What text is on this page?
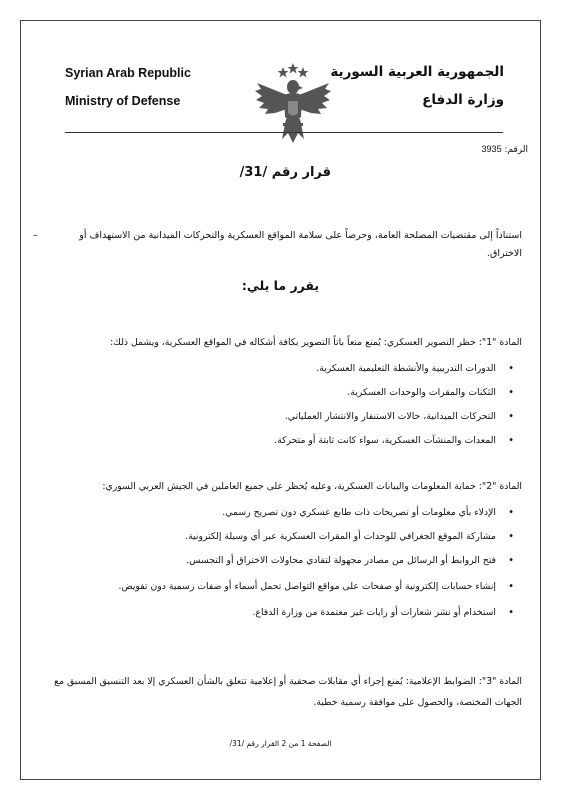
Syrian Arab Republic
Ministry of Defense
الجمهورية العربية السورية
وزارة الدفاع
الرقم: 3935
قرار رقم /31/
–	استناداً إلى مقتضيات المصلحة العامة، وحرصاً على سلامة المواقع العسكرية والتحركات الميدانية من الاستهداف أو الاختراق.
يقرر ما يلي:

المادة "1": حظر التصوير العسكري: يُمنع منعاً باتاً التصوير بكافة أشكاله في المواقع العسكرية، ويشمل ذلك:

• الدورات التدريبية والأنشطة التعليمية العسكرية.
• الثكنات والمقرات والوحدات العسكرية.
• التحركات الميدانية، حالات الاستنفار والانتشار العملياتي.
• المعدات والمنشآت العسكرية، سواء كانت ثابتة أو متحركة.

المادة "2": حماية المعلومات والبيانات العسكرية، وعليه يُحظر على جميع العاملين في الجيش العربي السوري:

• الإدلاء بأي معلومات أو تصريحات ذات طابع عسكري دون تصريح رسمي.
• مشاركة الموقع الجغرافي للوحدات أو المقرات العسكرية عبر أي وسيلة إلكترونية.
• فتح الروابط أو الرسائل من مصادر مجهولة لتفادي محاولات الاختراق أو التجسس.
• إنشاء حسابات إلكترونية أو صفحات على مواقع التواصل تحمل أسماء أو صفات رسمية دون تفويض.
• استخدام أو نشر شعارات أو رايات غير معتمدة من وزارة الدفاع.

المادة "3": الضوابط الإعلامية: يُمنع إجراء أي مقابلات صحفية أو إعلامية تتعلق بالشأن العسكري إلا بعد التنسيق المسبق مع الجهات المختصة، والحصول على موافقة رسمية خطية.

الصفحة 1 من 2 القرار رقم /31/
